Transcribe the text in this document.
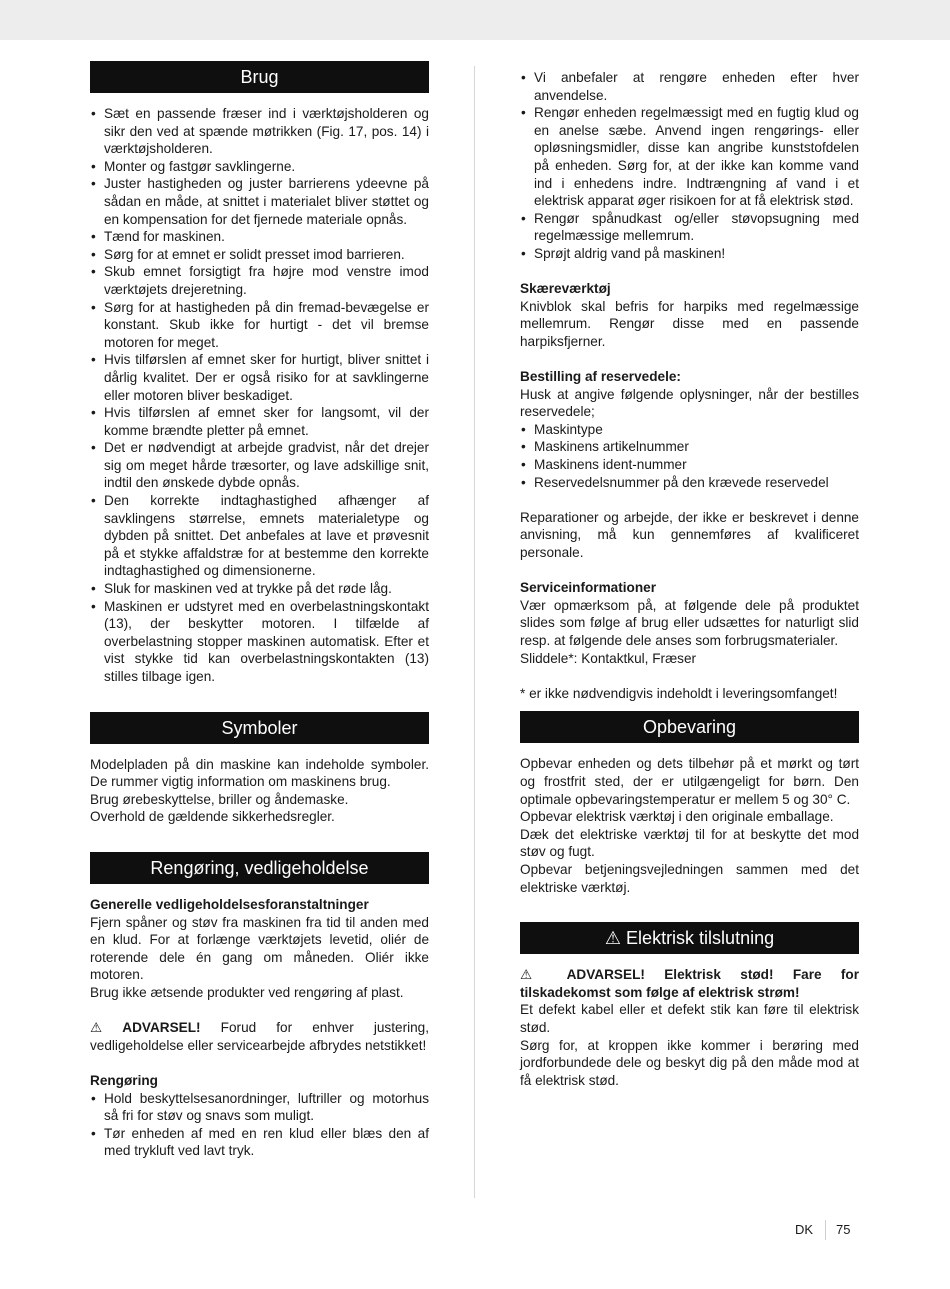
Brug
• Sæt en passende fræser ind i værktøjsholderen og sikr den ved at spænde møtrikken (Fig. 17, pos. 14) i værktøjsholderen.
• Monter og fastgør savklingerne.
• Juster hastigheden og juster barrierens ydeevne på sådan en måde, at snittet i materialet bliver støttet og en kompensation for det fjernede materiale opnås.
• Tænd for maskinen.
• Sørg for at emnet er solidt presset imod barrieren.
• Skub emnet forsigtigt fra højre mod venstre imod værktøjets drejeretning.
• Sørg for at hastigheden på din fremad-bevægelse er konstant. Skub ikke for hurtigt - det vil bremse motoren for meget.
• Hvis tilførslen af emnet sker for hurtigt, bliver snittet i dårlig kvalitet. Der er også risiko for at savklingerne eller motoren bliver beskadiget.
• Hvis tilførslen af emnet sker for langsomt, vil der komme brændte pletter på emnet.
• Det er nødvendigt at arbejde gradvist, når det drejer sig om meget hårde træsorter, og lave adskillige snit, indtil den ønskede dybde opnås.
• Den korrekte indtaghastighed afhænger af savklingens størrelse, emnets materialetype og dybden på snittet. Det anbefales at lave et prøvesnit på et stykke affaldstræ for at bestemme den korrekte indtaghastighed og dimensionerne.
• Sluk for maskinen ved at trykke på det røde låg.
• Maskinen er udstyret med en overbelastningskontakt (13), der beskytter motoren. I tilfælde af overbelastning stopper maskinen automatisk. Efter et vist stykke tid kan overbelastningskontakten (13) stilles tilbage igen.
Symboler

Modelpladen på din maskine kan indeholde symboler. De rummer vigtig information om maskinens brug.

Brug ørebeskyttelse, briller og åndemaske.

Overhold de gældende sikkerhedsregler.

Rengøring, vedligeholdelse

Generelle vedligeholdelsesforanstaltninger

Fjern spåner og støv fra maskinen fra tid til anden med en klud. For at forlænge værktøjets levetid, oliér de roterende dele én gang om måneden. Oliér ikke motoren.

Brug ikke ætsende produkter ved rengøring af plast.

⚠ ADVARSEL! Forud for enhver justering, vedligeholdelse eller servicearbejde afbrydes netstikket!

Rengøring

• Hold beskyttelsesanordninger, luftriller og motorhus så fri for støv og snavs som muligt.
• Tør enheden af med en ren klud eller blæs den af med trykluft ved lavt tryk.
• Vi anbefaler at rengøre enheden efter hver anvendelse.
• Rengør enheden regelmæssigt med en fugtig klud og en anelse sæbe. Anvend ingen rengørings- eller opløsningsmidler, disse kan angribe kunststofdelen på enheden. Sørg for, at der ikke kan komme vand ind i enhedens indre. Indtrængning af vand i et elektrisk apparat øger risikoen for at få elektrisk stød.
• Rengør spånudkast og/eller støvopsugning med regelmæssige mellemrum.
• Sprøjt aldrig vand på maskinen!

Skæreværktøj

Knivblok skal befris for harpiks med regelmæssige mellemrum. Rengør disse med en passende harpiksfjerner.

Bestilling af reservedele:

Husk at angive følgende oplysninger, når der bestilles reservedele;

• Maskintype
• Maskinens artikelnummer
• Maskinens ident-nummer
• Reservedelsnummer på den krævede reservedel

Reparationer og arbejde, der ikke er beskrevet i denne anvisning, må kun gennemføres af kvalificeret personale.

Serviceinformationer

Vær opmærksom på, at følgende dele på produktet slides som følge af brug eller udsættes for naturligt slid resp. at følgende dele anses som forbrugsmaterialer.

Sliddele*: Kontaktkul, Fræser

* er ikke nødvendigvis indeholdt i leveringsomfanget!

Opbevaring

Opbevar enheden og dets tilbehør på et mørkt og tørt og frostfrit sted, der er utilgængeligt for børn. Den optimale opbevaringstemperatur er mellem 5 og 30° C.

Opbevar elektrisk værktøj i den originale emballage.

Dæk det elektriske værktøj til for at beskytte det mod støv og fugt.

Opbevar betjeningsvejledningen sammen med det elektriske værktøj.

⚠ Elektrisk tilslutning

⚠ ADVARSEL! Elektrisk stød! Fare for tilskadekomst som følge af elektrisk strøm!

Et defekt kabel eller et defekt stik kan føre til elektrisk stød.

Sørg for, at kroppen ikke kommer i berøring med jordforbundede dele og beskyt dig på den måde mod at få elektrisk stød.

DK 75
